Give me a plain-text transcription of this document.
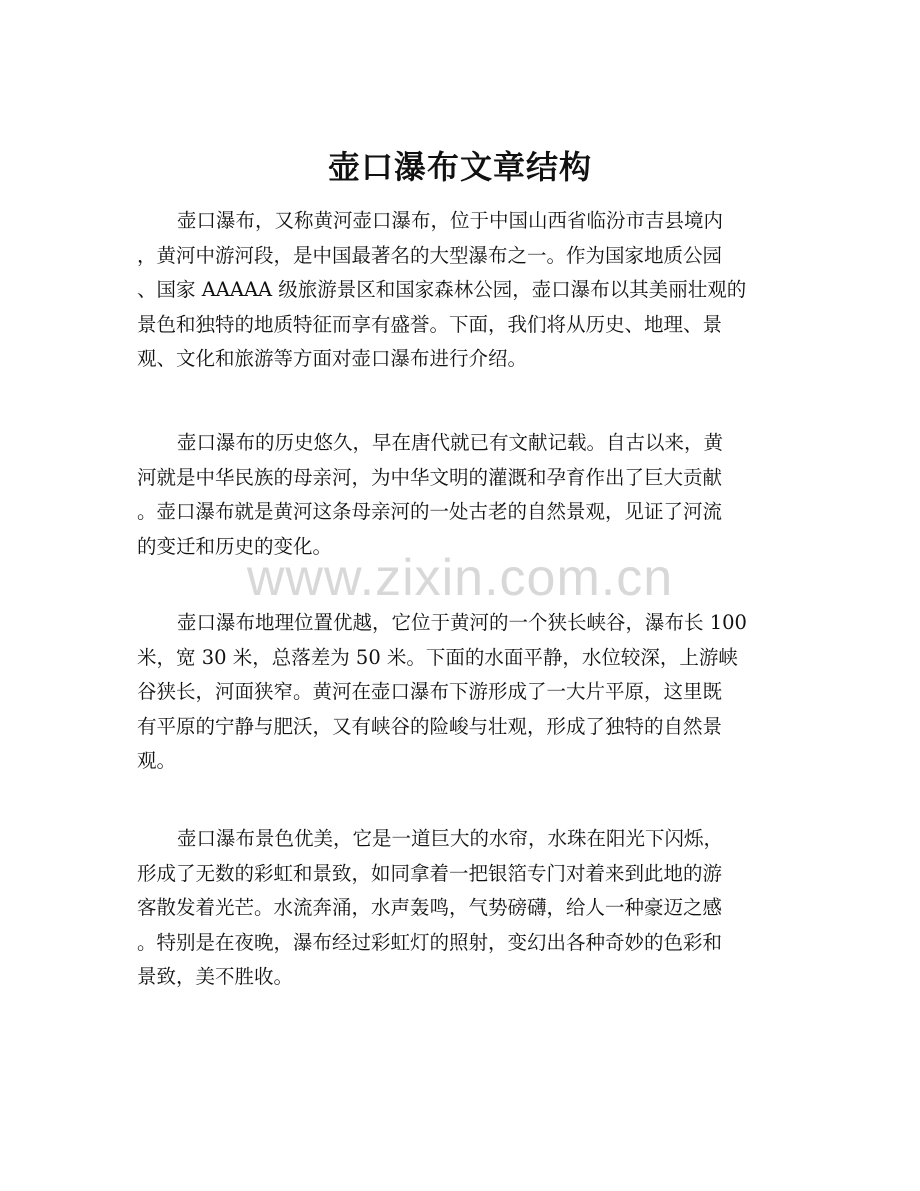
壶口瀑布文章结构
壶口瀑布，又称黄河壶口瀑布，位于中国山西省临汾市吉县境内
，黄河中游河段，是中国最著名的大型瀑布之一。作为国家地质公园
、国家 AAAAA 级旅游景区和国家森林公园，壶口瀑布以其美丽壮观的
景色和独特的地质特征而享有盛誉。下面，我们将从历史、地理、景
观、文化和旅游等方面对壶口瀑布进行介绍。
壶口瀑布的历史悠久，早在唐代就已有文献记载。自古以来，黄
河就是中华民族的母亲河，为中华文明的灌溉和孕育作出了巨大贡献
。壶口瀑布就是黄河这条母亲河的一处古老的自然景观，见证了河流
的变迁和历史的变化。
壶口瀑布地理位置优越，它位于黄河的一个狭长峡谷，瀑布长 100
米，宽 30 米，总落差为 50 米。下面的水面平静，水位较深，上游峡
谷狭长，河面狭窄。黄河在壶口瀑布下游形成了一大片平原，这里既
有平原的宁静与肥沃，又有峡谷的险峻与壮观，形成了独特的自然景
观。
壶口瀑布景色优美，它是一道巨大的水帘，水珠在阳光下闪烁，
形成了无数的彩虹和景致，如同拿着一把银箔专门对着来到此地的游
客散发着光芒。水流奔涌，水声轰鸣，气势磅礴，给人一种豪迈之感
。特别是在夜晚，瀑布经过彩虹灯的照射，变幻出各种奇妙的色彩和
景致，美不胜收。
www.zixin.com.cn
